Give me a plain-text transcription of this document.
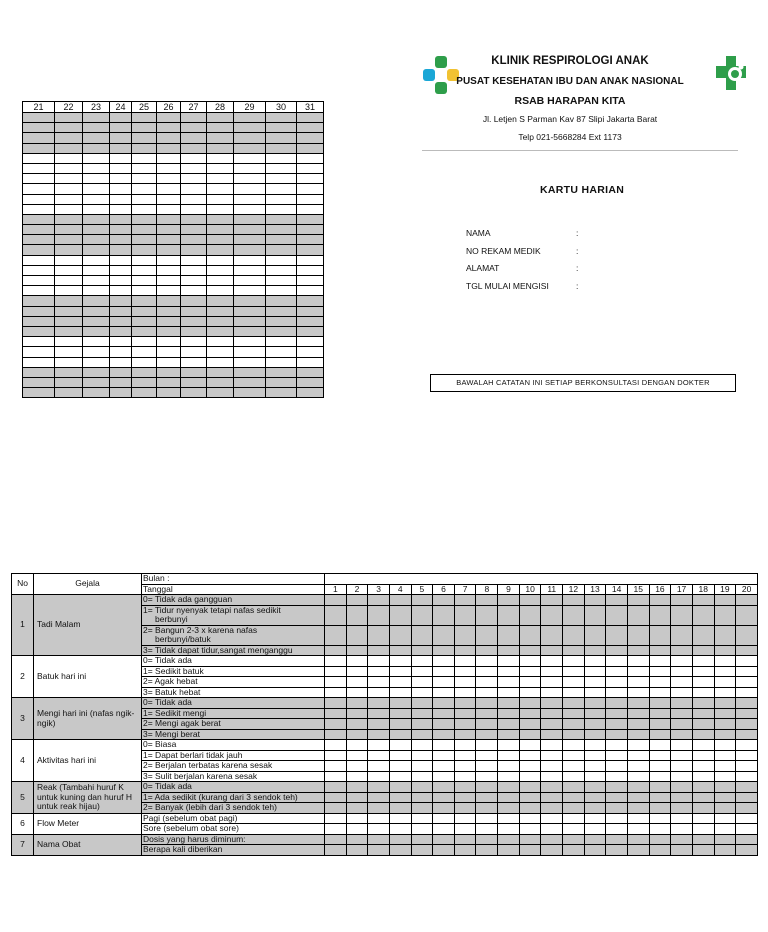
21	22	23	24	25	26	27	28	29	30	31

KLINIK RESPIROLOGI ANAK
PUSAT KESEHATAN IBU DAN ANAK NASIONAL
RSAB HARAPAN KITA
Jl. Letjen S Parman Kav 87 Slipi Jakarta Barat
Telp 021-5668284 Ext 1173
KARTU HARIAN
NAMA	:
NO REKAM MEDIK	:
ALAMAT	:
TGL MULAI MENGISI	:
BAWALAH CATATAN INI SETIAP BERKONSULTASI DENGAN DOKTER
No	Gejala	Bulan :																				
		Tanggal	1	2	3	4	5	6	7	8	9	10	11	12	13	14	15	16	17	18	19	20
1	Tadi Malam	0= Tidak ada gangguan																				

		1= Tidur nyenyak tetapi nafas sedikit
berbunyi																				

		2= Bangun 2-3 x karena nafas
berbunyi/batuk																				

		3= Tidak dapat tidur,sangat menganggu																				

2	Batuk hari ini	0= Tidak ada																				

		1= Sedikit batuk																				

		2= Agak hebat																				

		3= Batuk hebat																				

3	Mengi hari ini (nafas ngik-ngik)	0= Tidak ada																				

		1= Sedikit mengi																				

		2= Mengi agak berat																				

		3= Mengi berat																				

4	Aktivitas hari ini	0= Biasa																				

		1= Dapat berlari tidak jauh																				

		2= Berjalan terbatas karena sesak																				

		3= Sulit berjalan karena sesak																				

5	Reak (Tambahi huruf K untuk kuning dan huruf H untuk reak hijau)	0= Tidak ada																				

		1= Ada sedikit (kurang dari 3 sendok teh)																				

		2= Banyak (lebih dari 3 sendok teh)																				

6	Flow Meter	Pagi (sebelum obat pagi)																				

		Sore (sebelum obat sore)																				

7	Nama Obat	Dosis yang harus diminum:																				

		Berapa kali diberikan																				
